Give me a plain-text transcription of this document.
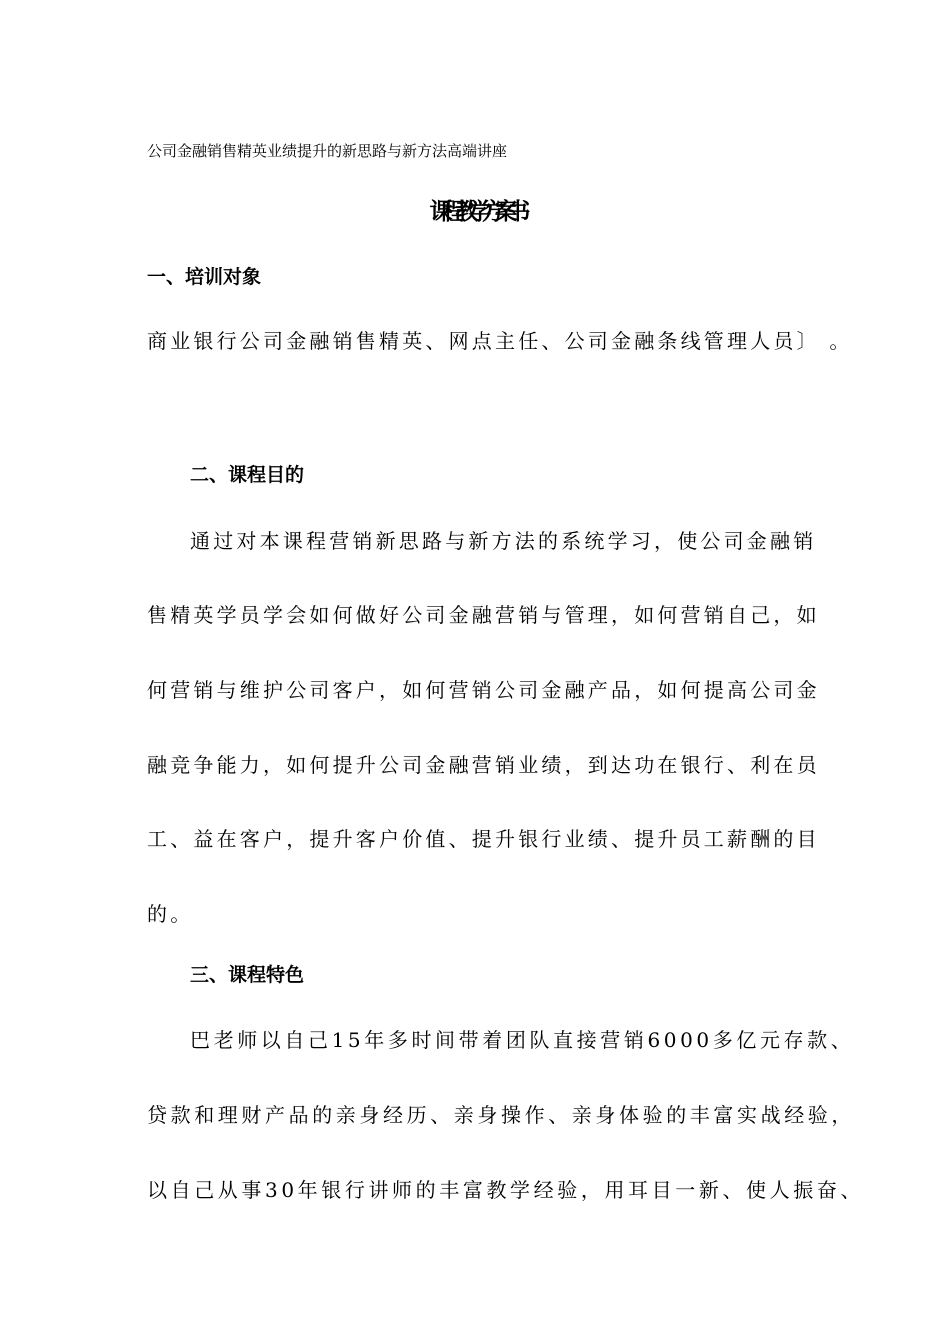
公司金融销售精英业绩提升的新思路与新方法高端讲座
课程教学方案书
一、培训对象
商业银行公司金融销售精英、网点主任、公司金融条线管理人员〕 。
二、课程目的
通过对本课程营销新思路与新方法的系统学习，使公司金融销
售精英学员学会如何做好公司金融营销与管理，如何营销自己，如
何营销与维护公司客户，如何营销公司金融产品，如何提高公司金
融竞争能力，如何提升公司金融营销业绩，到达功在银行、利在员
工、益在客户，提升客户价值、提升银行业绩、提升员工薪酬的目
的。
三、课程特色
巴老师以自己15年多时间带着团队直接营销6000多亿元存款、
贷款和理财产品的亲身经历、亲身操作、亲身体验的丰富实战经验，
以自己从事30年银行讲师的丰富教学经验，用耳目一新、使人振奋、
